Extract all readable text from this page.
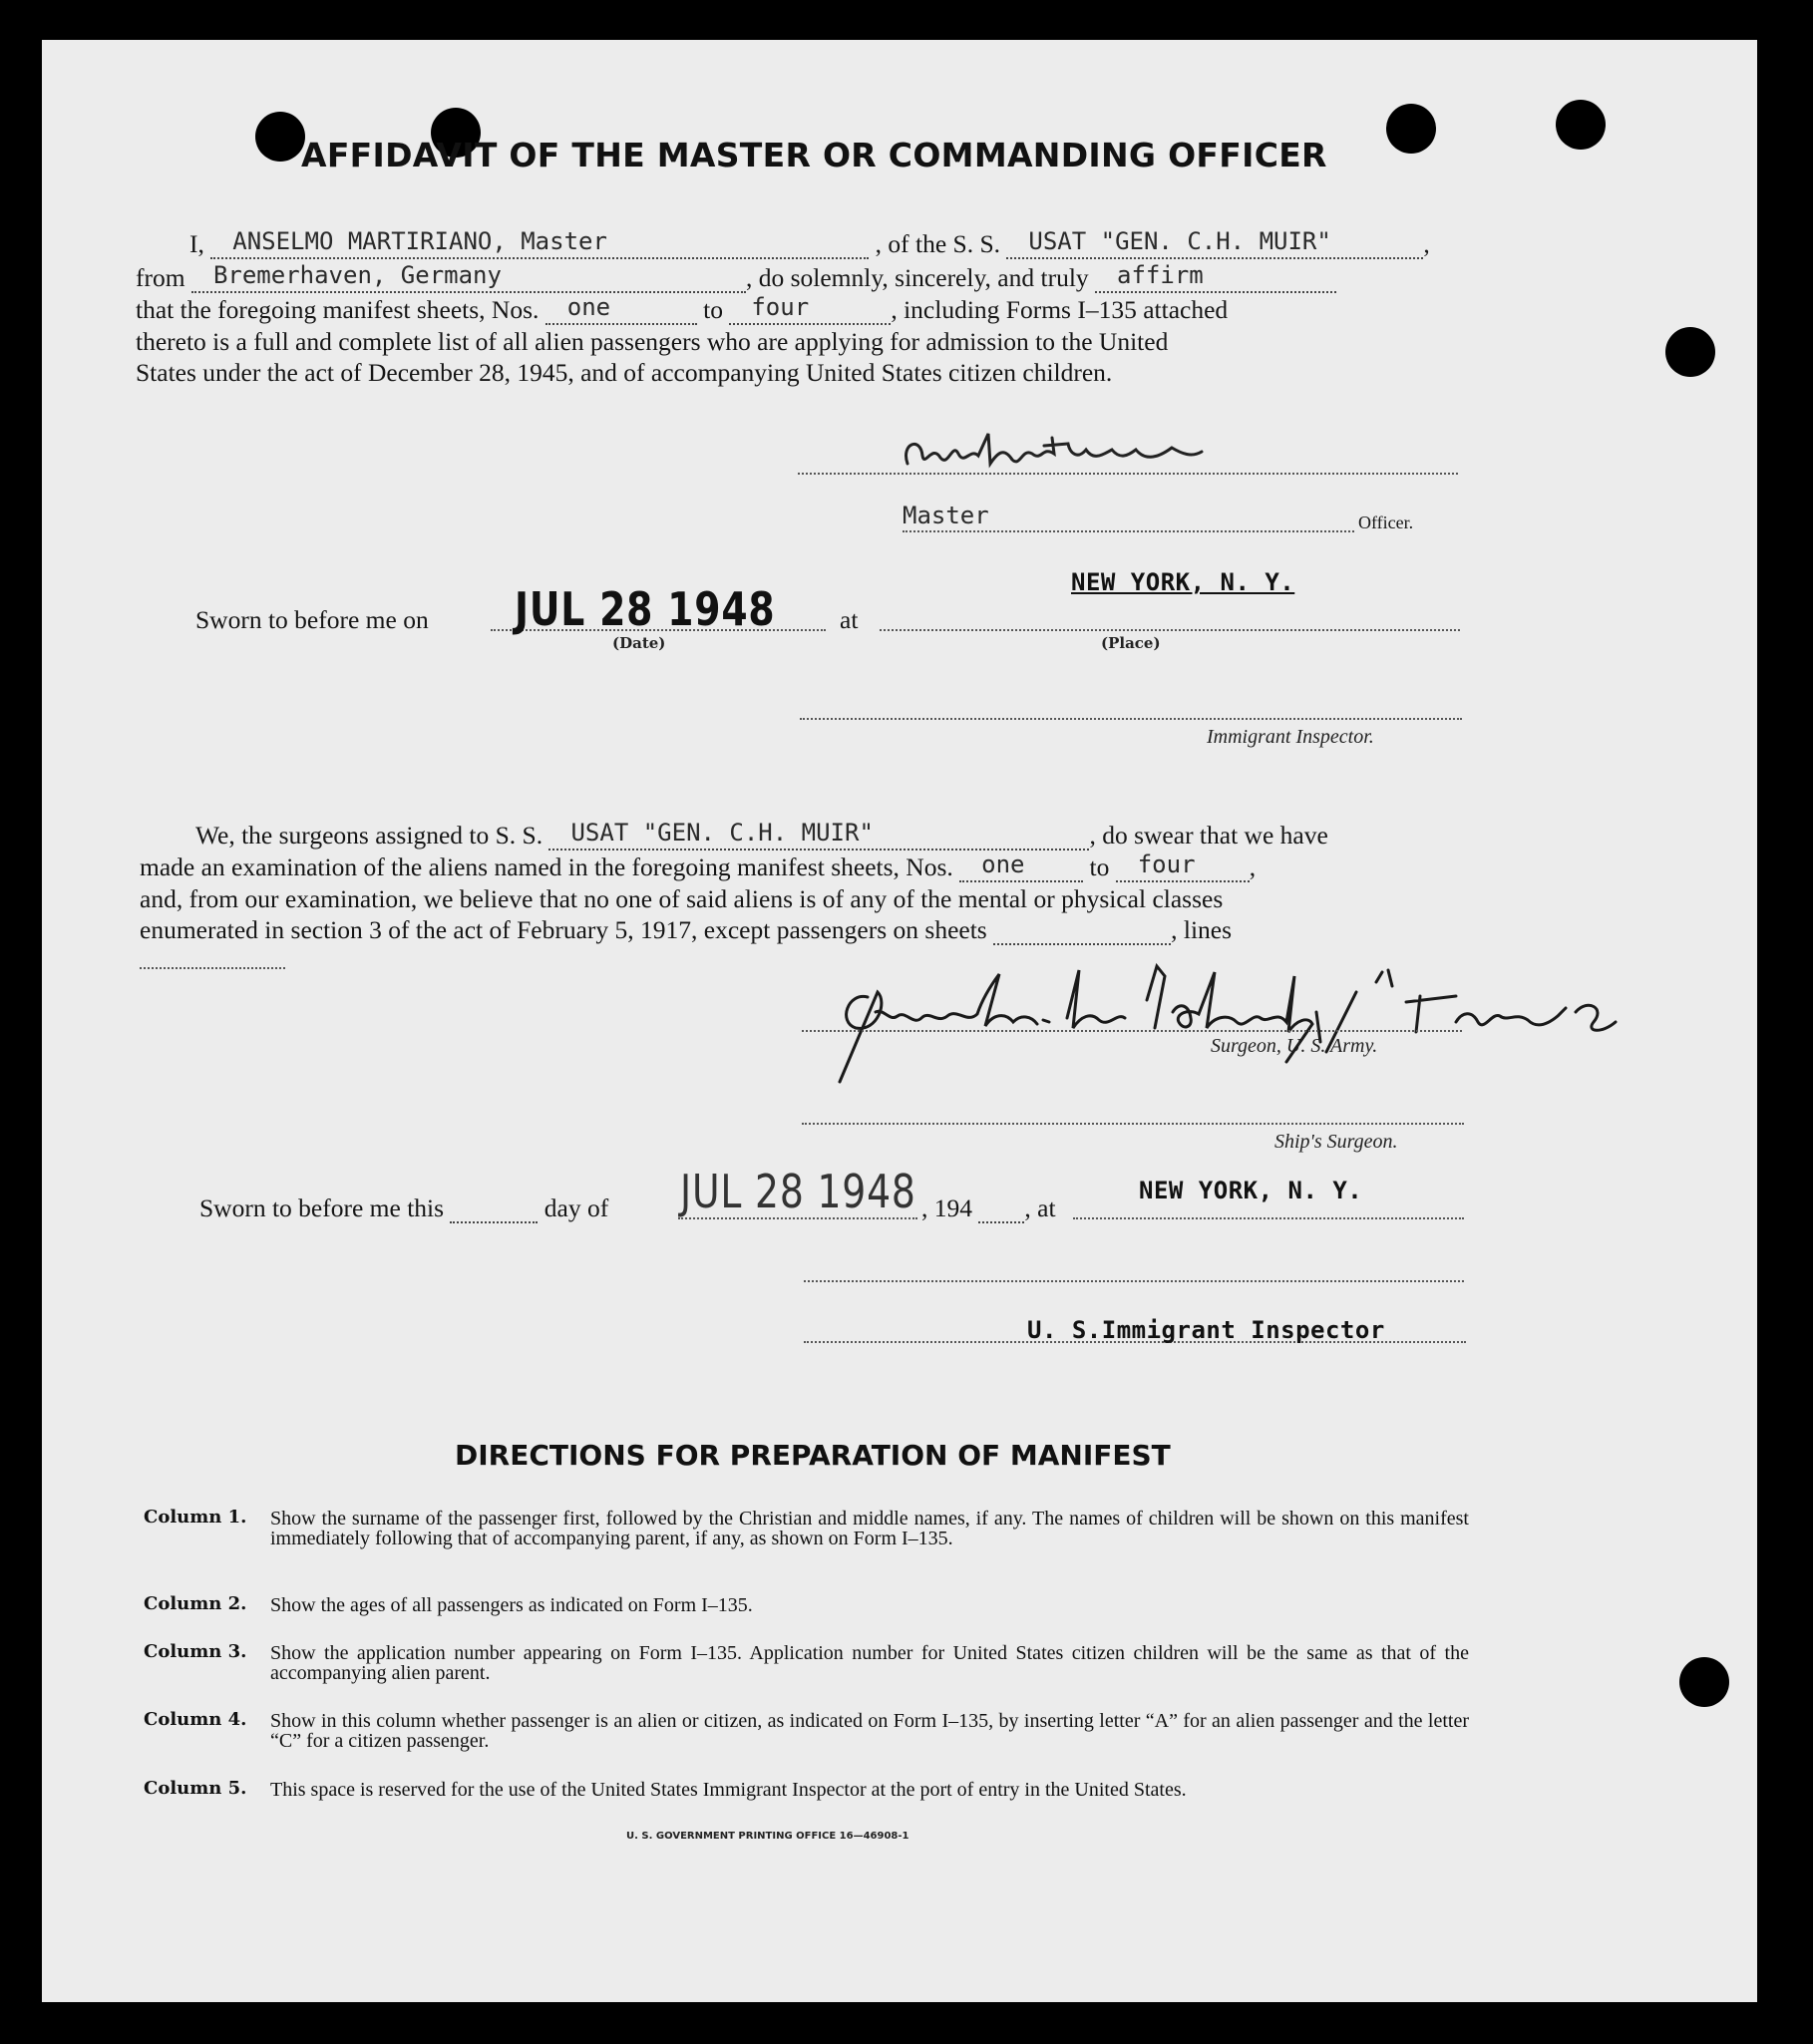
AFFIDAVIT OF THE MASTER OR COMMANDING OFFICER
I, ANSELMO MARTIRIANO, Master	, of the S. S. USAT "GEN. C.H. MUIR"	,
from Bremerhaven, Germany	, do solemnly, sincerely, and truly affirm
that the foregoing manifest sheets, Nos. one	to four	, including Forms I–135 attached
thereto is a full and complete list of all alien passengers who are applying for admission to the United
States under the act of December 28, 1945, and of accompanying United States citizen children.
Master	Officer.
Sworn to before me on JUL 28 1948
(Date)
at
NEW YORK, N. Y.
(Place)
Immigrant Inspector.
We, the surgeons assigned to S. S. USAT "GEN. C.H. MUIR"	, do swear that we have
made an examination of the aliens named in the foregoing manifest sheets, Nos. one	to four ,
and, from our examination, we believe that no one of said aliens is of any of the mental or physical classes
enumerated in section 3 of the act of February 5, 1917, except passengers on sheets	, lines
Surgeon, U. S. Army.
Ship's Surgeon.
Sworn to before me this	day of JUL 28 1948 , 194 , at
NEW YORK, N. Y.
U. S.Immigrant Inspector
DIRECTIONS FOR PREPARATION OF MANIFEST
Column 1. Show the surname of the passenger first, followed by the Christian and middle names, if any. The names of children will be shown on this manifest immediately following that of accompanying parent, if any, as shown on Form I–135.
Column 2. Show the ages of all passengers as indicated on Form I–135.
Column 3. Show the application number appearing on Form I–135. Application number for United States citizen children will be the same as that of the accompanying alien parent.
Column 4. Show in this column whether passenger is an alien or citizen, as indicated on Form I–135, by inserting letter “A” for an alien passenger and the letter “C” for a citizen passenger.
Column 5. This space is reserved for the use of the United States Immigrant Inspector at the port of entry in the United States.
U. S. GOVERNMENT PRINTING OFFICE 16—46908-1
